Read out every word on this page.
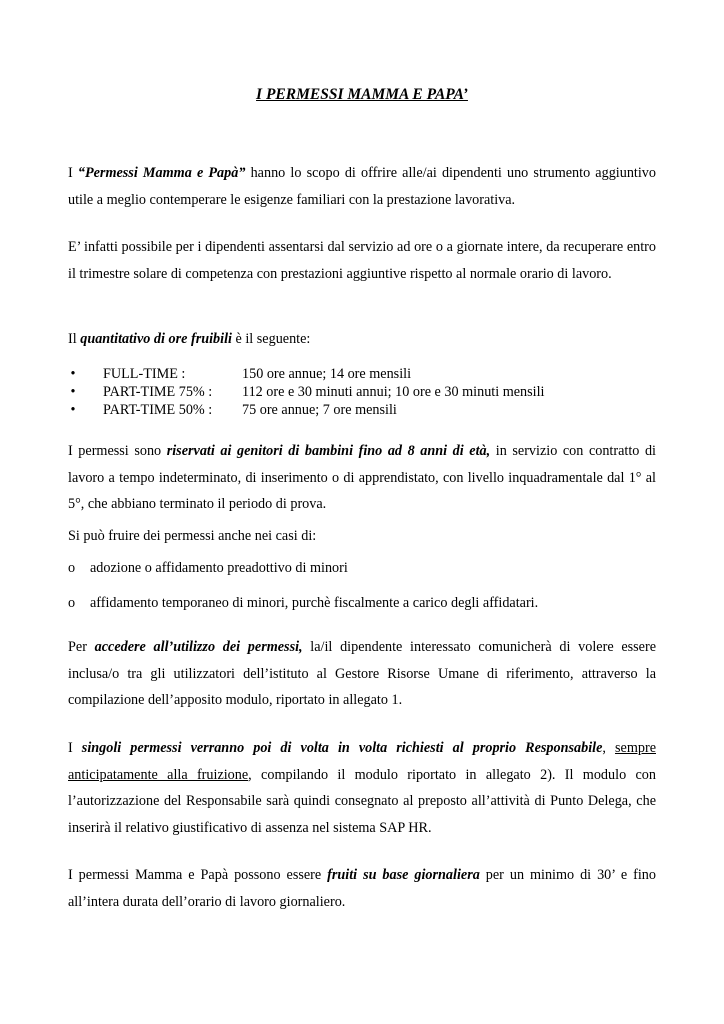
I PERMESSI MAMMA E PAPA’

I “Permessi Mamma e Papà” hanno lo scopo di offrire alle/ai dipendenti uno strumento aggiuntivo utile a meglio contemperare le esigenze familiari con la prestazione lavorativa.

E’ infatti possibile per i dipendenti assentarsi dal servizio ad ore o a giornate intere, da recuperare entro il trimestre solare di competenza con prestazioni aggiuntive rispetto al normale orario di lavoro.

Il quantitativo di ore fruibili è il seguente:

• FULL-TIME :	150 ore annue; 14 ore mensili
• PART-TIME 75% : 112 ore e 30 minuti annui; 10 ore e 30 minuti mensili
• PART-TIME 50% : 75 ore annue; 7 ore mensili

I permessi sono riservati ai genitori di bambini fino ad 8 anni di età, in servizio con contratto di lavoro a tempo indeterminato, di inserimento o di apprendistato, con livello inquadramentale dal 1° al 5°, che abbiano terminato il periodo di prova.

Si può fruire dei permessi anche nei casi di:

o adozione o affidamento preadottivo di minori
o affidamento temporaneo di minori, purchè fiscalmente a carico degli affidatari.

Per accedere all’utilizzo dei permessi, la/il dipendente interessato comunicherà di volere essere inclusa/o tra gli utilizzatori dell’istituto al Gestore Risorse Umane di riferimento, attraverso la compilazione dell’apposito modulo, riportato in allegato 1.

I singoli permessi verranno poi di volta in volta richiesti al proprio Responsabile, sempre anticipatamente alla fruizione, compilando il modulo riportato in allegato 2). Il modulo con l’autorizzazione del Responsabile sarà quindi consegnato al preposto all’attività di Punto Delega, che inserirà il relativo giustificativo di assenza nel sistema SAP HR.

I permessi Mamma e Papà possono essere fruiti su base giornaliera per un minimo di 30’ e fino all’intera durata dell’orario di lavoro giornaliero.
